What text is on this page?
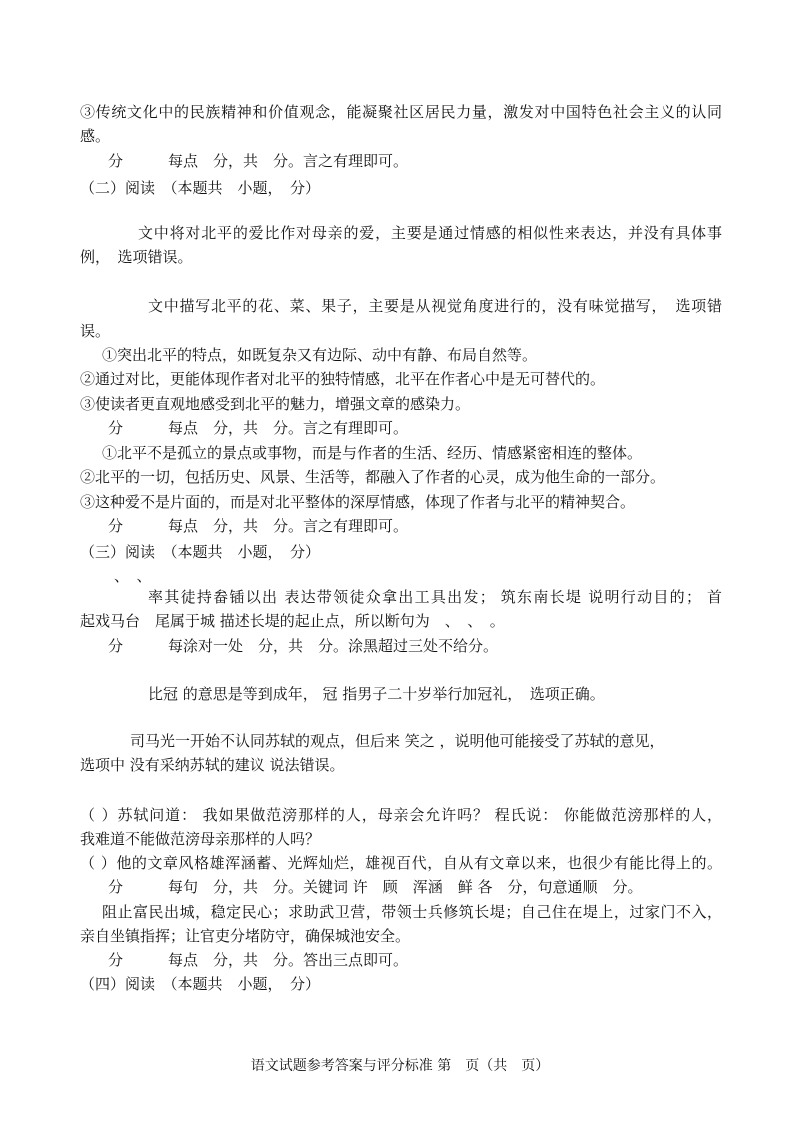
③传统文化中的民族精神和价值观念，能凝聚社区居民力量，激发对中国特色社会主义的认同
感。
分　　　每点　分，共　分。言之有理即可。
（二）阅读　（本题共　小题，　分）
文中将对北平的爱比作对母亲的爱，主要是通过情感的相似性来表达，并没有具体事
例，　选项错误。
文中描写北平的花、菜、果子，主要是从视觉角度进行的，没有味觉描写，　选项错
误。
①突出北平的特点，如既复杂又有边际、动中有静、布局自然等。
②通过对比，更能体现作者对北平的独特情感，北平在作者心中是无可替代的。
③使读者更直观地感受到北平的魅力，增强文章的感染力。
分　　　每点　分，共　分。言之有理即可。
①北平不是孤立的景点或事物，而是与作者的生活、经历、情感紧密相连的整体。
②北平的一切，包括历史、风景、生活等，都融入了作者的心灵，成为他生命的一部分。
③这种爱不是片面的，而是对北平整体的深厚情感，体现了作者与北平的精神契合。
分　　　每点　分，共　分。言之有理即可。
（三）阅读　（本题共　小题，　分）
、　、
率其徒持畚锸以出 表达带领徒众拿出工具出发； 筑东南长堤 说明行动目的； 首
起戏马台　尾属于城 描述长堤的起止点，所以断句为　、　、　。
分　　　每涂对一处　分，共　分。涂黑超过三处不给分。
比冠 的意思是等到成年， 冠 指男子二十岁举行加冠礼，　选项正确。
司马光一开始不认同苏轼的观点，但后来 笑之 ，说明他可能接受了苏轼的意见，
选项中 没有采纳苏轼的建议 说法错误。
（ ）苏轼问道： 我如果做范滂那样的人，母亲会允许吗？ 程氏说： 你能做范滂那样的人，
我难道不能做范滂母亲那样的人吗？
（ ）他的文章风格雄浑涵蓄、光辉灿烂，雄视百代，自从有文章以来，也很少有能比得上的。
分　　　每句　分，共　分。关键词 许　顾　浑涵　鲜 各　分，句意通顺　分。
阻止富民出城，稳定民心；求助武卫营，带领士兵修筑长堤；自己住在堤上，过家门不入，
亲自坐镇指挥；让官吏分堵防守，确保城池安全。
分　　　每点　分，共　分。答出三点即可。
（四）阅读　（本题共　小题，　分）
语文试题参考答案与评分标准 第　页（共　页）
